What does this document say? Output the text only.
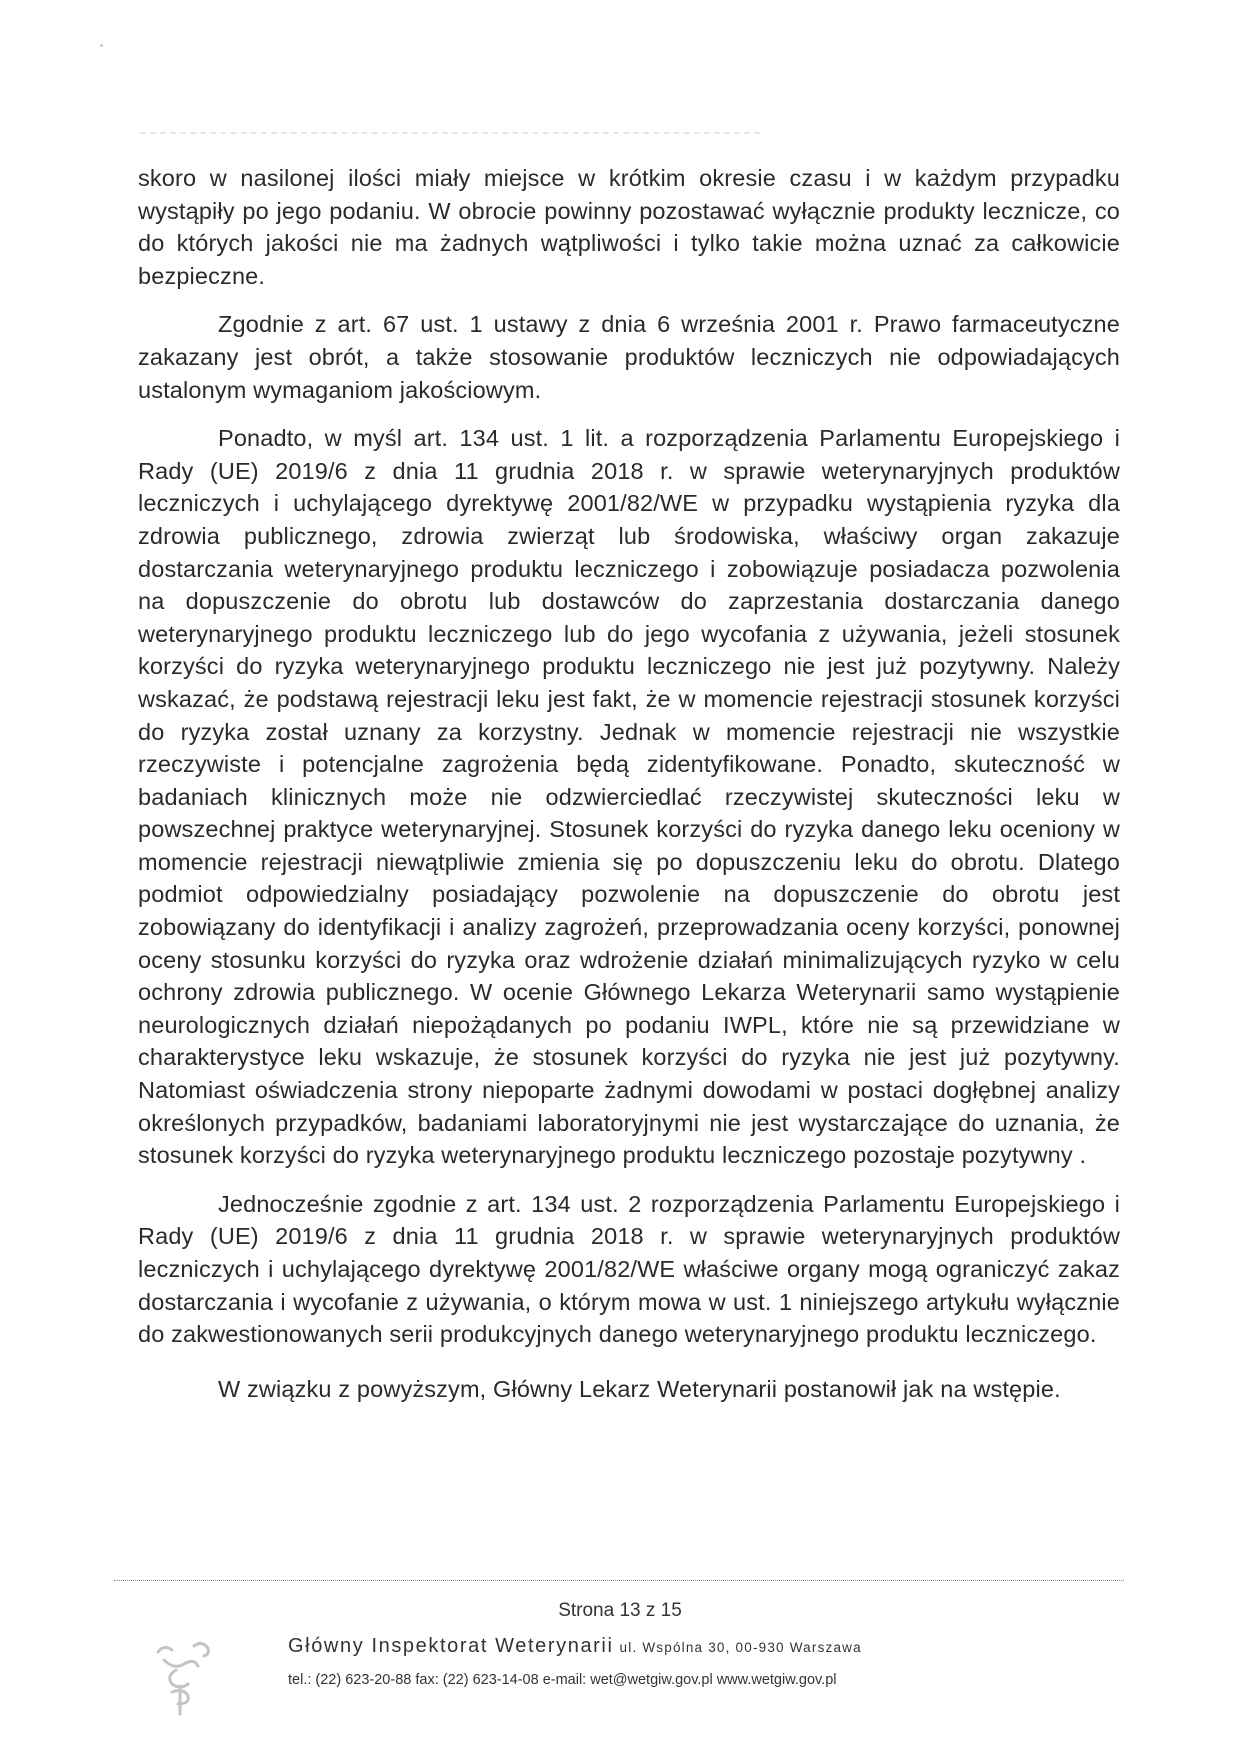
skoro w nasilonej ilości miały miejsce w krótkim okresie czasu i w każdym przypadku wystąpiły po jego podaniu. W obrocie powinny pozostawać wyłącznie produkty lecznicze, co do których jakości nie ma żadnych wątpliwości i tylko takie można uznać za całkowicie bezpieczne.

Zgodnie z art. 67 ust. 1 ustawy z dnia 6 września 2001 r. Prawo farmaceutyczne zakazany jest obrót, a także stosowanie produktów leczniczych nie odpowiadających ustalonym wymaganiom jakościowym.

Ponadto, w myśl art. 134 ust. 1 lit. a rozporządzenia Parlamentu Europejskiego i Rady (UE) 2019/6 z dnia 11 grudnia 2018 r. w sprawie weterynaryjnych produktów leczniczych i uchylającego dyrektywę 2001/82/WE w przypadku wystąpienia ryzyka dla zdrowia publicznego, zdrowia zwierząt lub środowiska, właściwy organ zakazuje dostarczania weterynaryjnego produktu leczniczego i zobowiązuje posiadacza pozwolenia na dopuszczenie do obrotu lub dostawców do zaprzestania dostarczania danego weterynaryjnego produktu leczniczego lub do jego wycofania z używania, jeżeli stosunek korzyści do ryzyka weterynaryjnego produktu leczniczego nie jest już pozytywny. Należy wskazać, że podstawą rejestracji leku jest fakt, że w momencie rejestracji stosunek korzyści do ryzyka został uznany za korzystny. Jednak w momencie rejestracji nie wszystkie rzeczywiste i potencjalne zagrożenia będą zidentyfikowane. Ponadto, skuteczność w badaniach klinicznych może nie odzwierciedlać rzeczywistej skuteczności leku w powszechnej praktyce weterynaryjnej. Stosunek korzyści do ryzyka danego leku oceniony w momencie rejestracji niewątpliwie zmienia się po dopuszczeniu leku do obrotu. Dlatego podmiot odpowiedzialny posiadający pozwolenie na dopuszczenie do obrotu jest zobowiązany do identyfikacji i analizy zagrożeń, przeprowadzania oceny korzyści, ponownej oceny stosunku korzyści do ryzyka oraz wdrożenie działań minimalizujących ryzyko w celu ochrony zdrowia publicznego. W ocenie Głównego Lekarza Weterynarii samo wystąpienie neurologicznych działań niepożądanych po podaniu IWPL, które nie są przewidziane w charakterystyce leku wskazuje, że stosunek korzyści do ryzyka nie jest już pozytywny. Natomiast oświadczenia strony niepoparte żadnymi dowodami w postaci dogłębnej analizy określonych przypadków, badaniami laboratoryjnymi nie jest wystarczające do uznania, że stosunek korzyści do ryzyka weterynaryjnego produktu leczniczego pozostaje pozytywny .

Jednocześnie zgodnie z art. 134 ust. 2 rozporządzenia Parlamentu Europejskiego i Rady (UE) 2019/6 z dnia 11 grudnia 2018 r. w sprawie weterynaryjnych produktów leczniczych i uchylającego dyrektywę 2001/82/WE właściwe organy mogą ograniczyć zakaz dostarczania i wycofanie z używania, o którym mowa w ust. 1 niniejszego artykułu wyłącznie do zakwestionowanych serii produkcyjnych danego weterynaryjnego produktu leczniczego.

W związku z powyższym, Główny Lekarz Weterynarii postanowił jak na wstępie.

Strona 13 z 15
Główny Inspektorat Weterynarii ul. Wspólna 30, 00-930 Warszawa
tel.: (22) 623-20-88 fax: (22) 623-14-08 e-mail: wet@wetgiw.gov.pl www.wetgiw.gov.pl
